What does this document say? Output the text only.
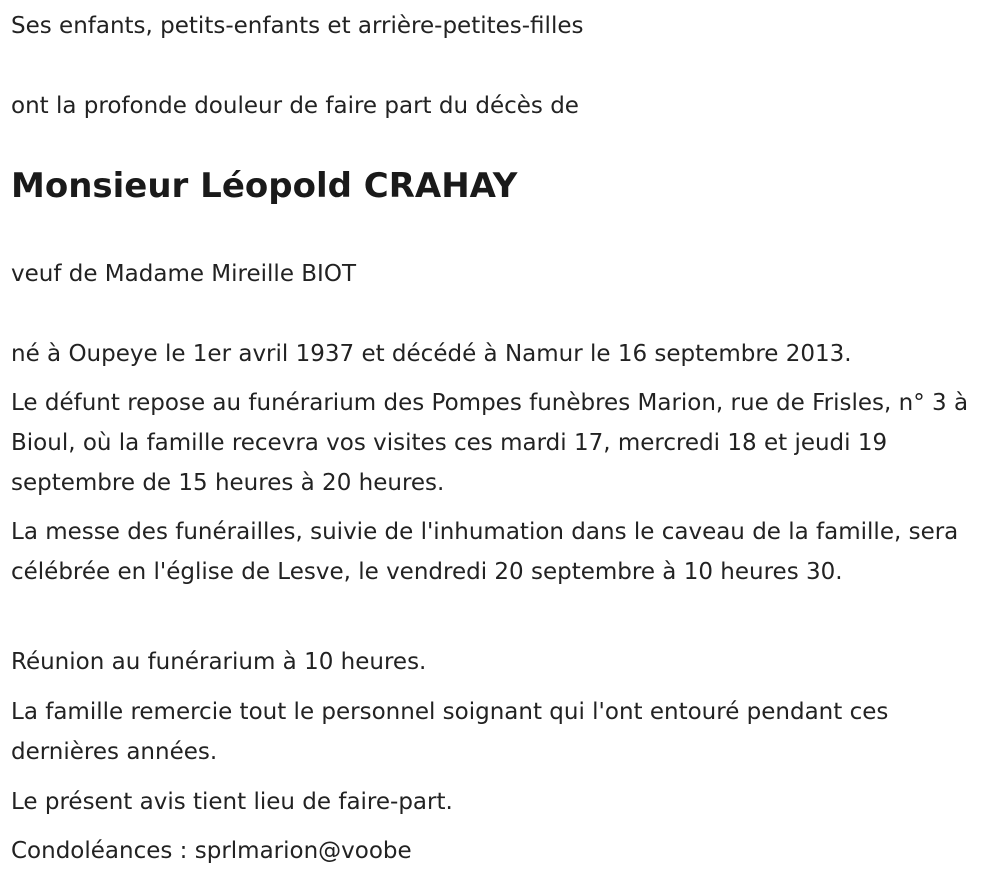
Ses enfants, petits-enfants et arrière-petites-filles
ont la profonde douleur de faire part du décès de
Monsieur Léopold CRAHAY
veuf de Madame Mireille BIOT
né à Oupeye le 1er avril 1937 et décédé à Namur le 16 septembre 2013.
Le défunt repose au funérarium des Pompes funèbres Marion, rue de Frisles, n° 3 à Bioul, où la famille recevra vos visites ces mardi 17, mercredi 18 et jeudi 19 septembre de 15 heures à 20 heures.
La messe des funérailles, suivie de l'inhumation dans le caveau de la famille, sera célébrée en l'église de Lesve, le vendredi 20 septembre à 10 heures 30.
Réunion au funérarium à 10 heures.
La famille remercie tout le personnel soignant qui l'ont entouré pendant ces dernières années.
Le présent avis tient lieu de faire-part.
Condoléances : sprlmarion@voobe
